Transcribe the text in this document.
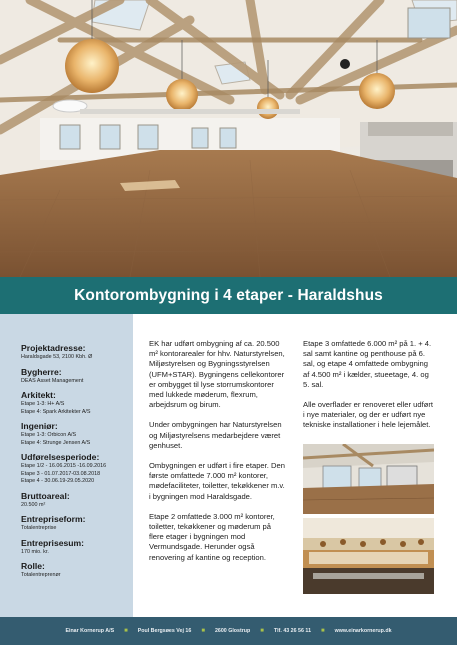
Kontorombygning i 4 etaper - Haraldshus
Projektadresse:
Haraldsgade 53, 2100 Kbh. Ø
Bygherre:
DEAS Asset Management
Arkitekt:
Etape 1-3: H+ A/S
Etape 4: Spark Arkitekter A/S
Ingeniør:
Etape 1-3: Orbicon A/S
Etape 4: Strunge Jensen A/S
Udførelsesperiode:
Etape 1/2 - 16.06.2015 -16.09.2016
Etape 3 - 01.07.2017-03.08.2018
Etape 4 - 30.06.19-29.05.2020
Bruttoareal:
20.500 m²
Entrepriseform:
Totalentreprise
Entreprisesum:
170 mio. kr.
Rolle:
Totalentreprenør

EK har udført ombygning af ca. 20.500 m² kontorarealer for hhv. Naturstyrelsen, Miljøstyrelsen og Bygningsstyrelsen (UFM+STAR). Bygningens cellekontorer er ombygget til lyse storrumskontorer med lukkede møderum, flexrum, arbejdsrum og birum.

Under ombygningen har Naturstyrelsen og Miljøstyrelsens medarbejdere været genhuset.

Ombygningen er udført i fire etaper. Den første omfattede 7.000 m² kontorer, mødefaciliteter, toiletter, tekøkkener m.v. i bygningen mod Haraldsgade.

Etape 2 omfattede 3.000 m² kontorer, toiletter, tekøkkener og møderum på flere etager i bygningen mod Vermundsgade. Herunder også renovering af kantine og reception.

Etape 3 omfattede 6.000 m² på 1. + 4. sal samt kantine og penthouse på 6. sal, og etape 4 omfattede ombygning af 4.500 m² i kælder, stueetage, 4. og 5. sal.

Alle overflader er renoveret eller udført i nye materialer, og der er udført nye tekniske installationer i hele lejemålet.

Einar Kornerup A/S ■ Poul Bergsøes Vej 16 ■ 2600 Glostrup ■ Tlf. 43 26 56 11 ■ www.einarkornerup.dk
